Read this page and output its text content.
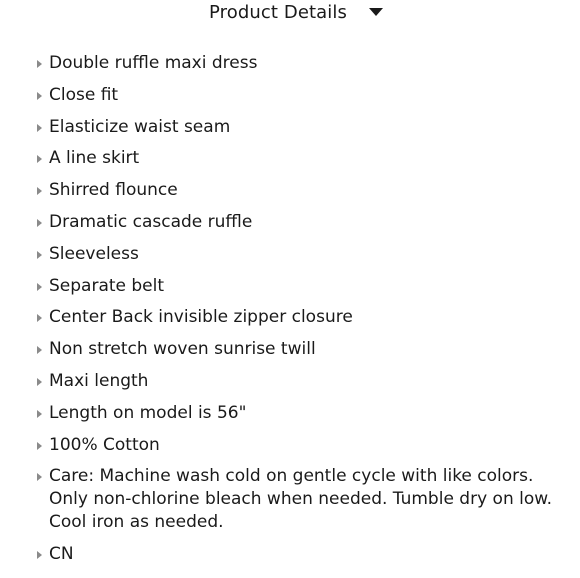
Product Details
Double ruffle maxi dress
Close fit
Elasticize waist seam
A line skirt
Shirred flounce
Dramatic cascade ruffle
Sleeveless
Separate belt
Center Back invisible zipper closure
Non stretch woven sunrise twill
Maxi length
Length on model is 56"
100% Cotton
Care: Machine wash cold on gentle cycle with like colors. Only non-chlorine bleach when needed. Tumble dry on low. Cool iron as needed.
CN
